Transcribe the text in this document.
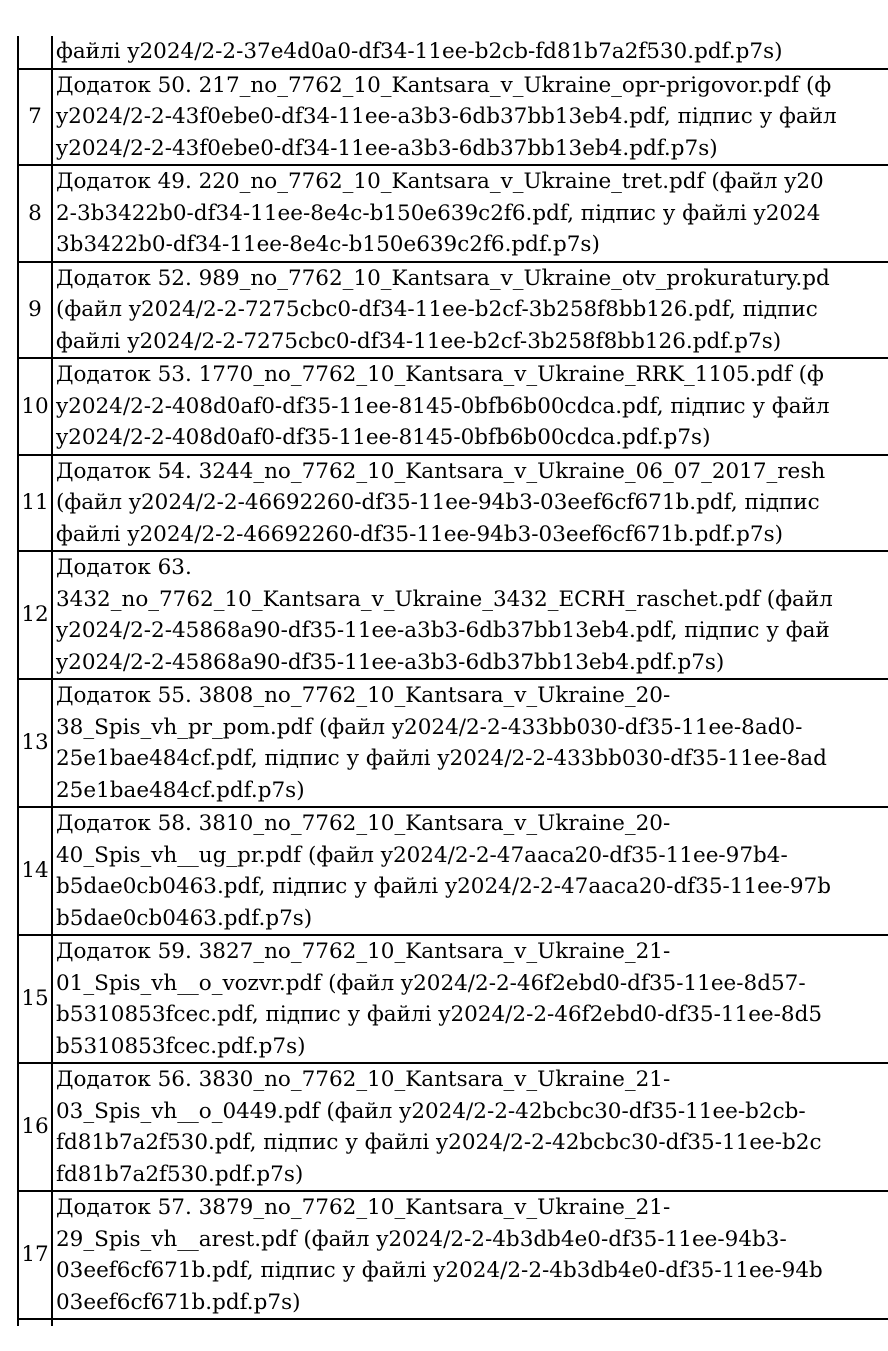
	файлі y2024/2-2-37e4d0a0-df34-11ee-b2cb-fd81b7a2f530.pdf.p7s)

7	Додаток 50. 217_no_7762_10_Kantsara_v_Ukraine_opr-prigovor.pdf (ф
y2024/2-2-43f0ebe0-df34-11ee-a3b3-6db37bb13eb4.pdf, підпис у файл
y2024/2-2-43f0ebe0-df34-11ee-a3b3-6db37bb13eb4.pdf.p7s)

8	Додаток 49. 220_no_7762_10_Kantsara_v_Ukraine_tret.pdf (файл y20
2-3b3422b0-df34-11ee-8e4c-b150e639c2f6.pdf, підпис у файлі y2024
3b3422b0-df34-11ee-8e4c-b150e639c2f6.pdf.p7s)

9	Додаток 52. 989_no_7762_10_Kantsara_v_Ukraine_otv_prokuratury.pd
(файл y2024/2-2-7275cbc0-df34-11ee-b2cf-3b258f8bb126.pdf, підпис
файлі y2024/2-2-7275cbc0-df34-11ee-b2cf-3b258f8bb126.pdf.p7s)

10	Додаток 53. 1770_no_7762_10_Kantsara_v_Ukraine_RRK_1105.pdf (ф
y2024/2-2-408d0af0-df35-11ee-8145-0bfb6b00cdca.pdf, підпис у файл
y2024/2-2-408d0af0-df35-11ee-8145-0bfb6b00cdca.pdf.p7s)

11	Додаток 54. 3244_no_7762_10_Kantsara_v_Ukraine_06_07_2017_resh
(файл y2024/2-2-46692260-df35-11ee-94b3-03eef6cf671b.pdf, підпис
файлі y2024/2-2-46692260-df35-11ee-94b3-03eef6cf671b.pdf.p7s)

12	Додаток 63.
3432_no_7762_10_Kantsara_v_Ukraine_3432_ECRH_raschet.pdf (файл
y2024/2-2-45868a90-df35-11ee-a3b3-6db37bb13eb4.pdf, підпис у фай
y2024/2-2-45868a90-df35-11ee-a3b3-6db37bb13eb4.pdf.p7s)

13	Додаток 55. 3808_no_7762_10_Kantsara_v_Ukraine_20-
38_Spis_vh_pr_pom.pdf (файл y2024/2-2-433bb030-df35-11ee-8ad0-
25e1bae484cf.pdf, підпис у файлі y2024/2-2-433bb030-df35-11ee-8ad
25e1bae484cf.pdf.p7s)

14	Додаток 58. 3810_no_7762_10_Kantsara_v_Ukraine_20-
40_Spis_vh__ug_pr.pdf (файл y2024/2-2-47aaca20-df35-11ee-97b4-
b5dae0cb0463.pdf, підпис у файлі y2024/2-2-47aaca20-df35-11ee-97b
b5dae0cb0463.pdf.p7s)

15	Додаток 59. 3827_no_7762_10_Kantsara_v_Ukraine_21-
01_Spis_vh__o_vozvr.pdf (файл y2024/2-2-46f2ebd0-df35-11ee-8d57-
b5310853fcec.pdf, підпис у файлі y2024/2-2-46f2ebd0-df35-11ee-8d5
b5310853fcec.pdf.p7s)

16	Додаток 56. 3830_no_7762_10_Kantsara_v_Ukraine_21-
03_Spis_vh__o_0449.pdf (файл y2024/2-2-42bcbc30-df35-11ee-b2cb-
fd81b7a2f530.pdf, підпис у файлі y2024/2-2-42bcbc30-df35-11ee-b2c
fd81b7a2f530.pdf.p7s)

17	Додаток 57. 3879_no_7762_10_Kantsara_v_Ukraine_21-
29_Spis_vh__arest.pdf (файл y2024/2-2-4b3db4e0-df35-11ee-94b3-
03eef6cf671b.pdf, підпис у файлі y2024/2-2-4b3db4e0-df35-11ee-94b
03eef6cf671b.pdf.p7s)
